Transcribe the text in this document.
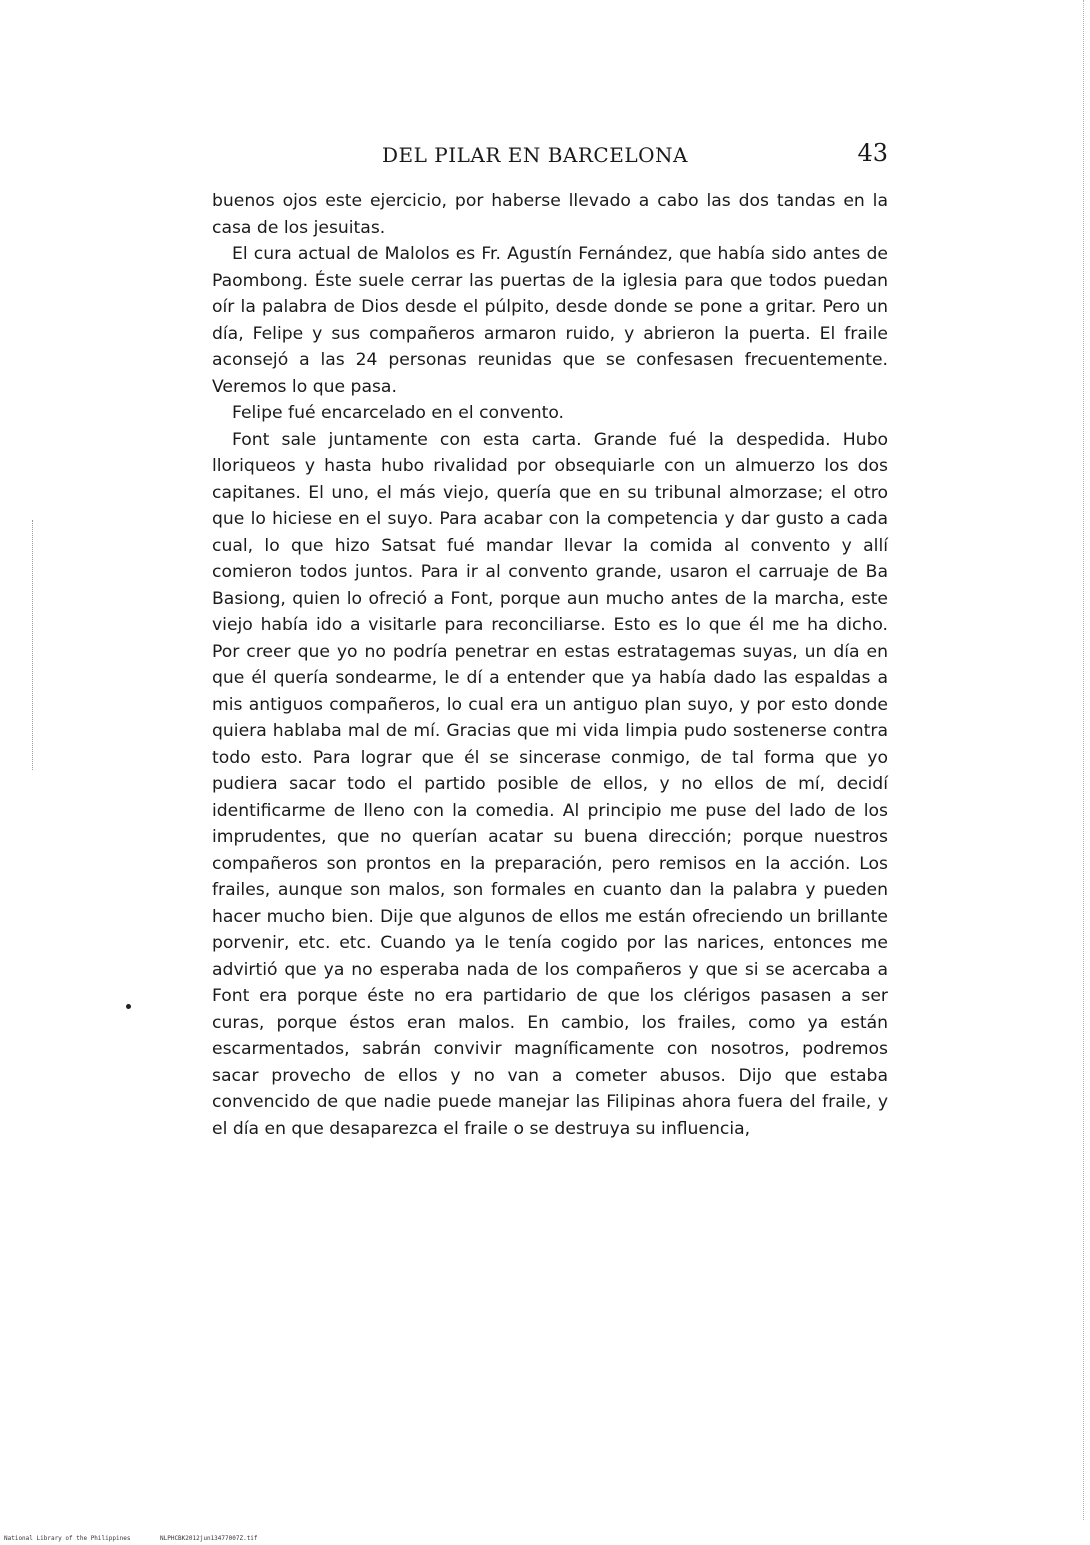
DEL PILAR EN BARCELONA	43

buenos ojos este ejercicio, por haberse llevado a cabo las dos tandas en la casa de los jesuitas.

El cura actual de Malolos es Fr. Agustín Fernández, que había sido antes de Paombong. Éste suele cerrar las puertas de la iglesia para que todos puedan oír la palabra de Dios desde el púlpito, desde donde se pone a gritar. Pero un día, Felipe y sus compañeros armaron ruido, y abrieron la puerta. El fraile aconsejó a las 24 personas reunidas que se confesasen frecuentemente. Veremos lo que pasa.

Felipe fué encarcelado en el convento.

Font sale juntamente con esta carta. Grande fué la despedida. Hubo lloriqueos y hasta hubo rivalidad por obsequiarle con un almuerzo los dos capitanes. El uno, el más viejo, quería que en su tribunal almorzase; el otro que lo hiciese en el suyo. Para acabar con la competencia y dar gusto a cada cual, lo que hizo Satsat fué mandar llevar la comida al convento y allí comieron todos juntos. Para ir al convento grande, usaron el carruaje de Ba Basiong, quien lo ofreció a Font, porque aun mucho antes de la marcha, este viejo había ido a visitarle para reconciliarse. Esto es lo que él me ha dicho. Por creer que yo no podría penetrar en estas estratagemas suyas, un día en que él quería sondearme, le dí a entender que ya había dado las espaldas a mis antiguos compañeros, lo cual era un antiguo plan suyo, y por esto donde quiera hablaba mal de mí. Gracias que mi vida limpia pudo sostenerse contra todo esto. Para lograr que él se sincerase conmigo, de tal forma que yo pudiera sacar todo el partido posible de ellos, y no ellos de mí, decidí identificarme de lleno con la comedia. Al principio me puse del lado de los imprudentes, que no querían acatar su buena dirección; porque nuestros compañeros son prontos en la preparación, pero remisos en la acción. Los frailes, aunque son malos, son formales en cuanto dan la palabra y pueden hacer mucho bien. Dije que algunos de ellos me están ofreciendo un brillante porvenir, etc. etc. Cuando ya le tenía cogido por las narices, entonces me advirtió que ya no esperaba nada de los compañeros y que si se acercaba a Font era porque éste no era partidario de que los clérigos pasasen a ser curas, porque éstos eran malos. En cambio, los frailes, como ya están escarmentados, sabrán convivir magníficamente con nosotros, podremos sacar provecho de ellos y no van a cometer abusos. Dijo que estaba convencido de que nadie puede manejar las Filipinas ahora fuera del fraile, y el día en que desaparezca el fraile o se destruya su influencia,

National Library of the Philippines	NLPHCBK2012jun13477007Z.tif
